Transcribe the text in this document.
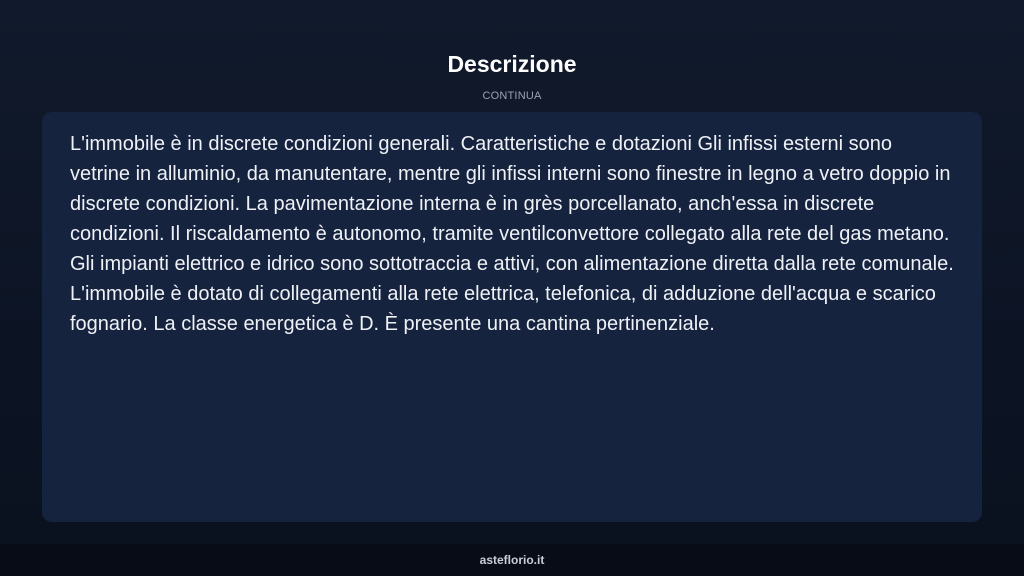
Descrizione
CONTINUA

L'immobile è in discrete condizioni generali. Caratteristiche e dotazioni Gli infissi esterni sono vetrine in alluminio, da manutentare, mentre gli infissi interni sono finestre in legno a vetro doppio in discrete condizioni. La pavimentazione interna è in grès porcellanato, anch'essa in discrete condizioni. Il riscaldamento è autonomo, tramite ventilconvettore collegato alla rete del gas metano. Gli impianti elettrico e idrico sono sottotraccia e attivi, con alimentazione diretta dalla rete comunale. L'immobile è dotato di collegamenti alla rete elettrica, telefonica, di adduzione dell'acqua e scarico fognario. La classe energetica è D. È presente una cantina pertinenziale.

asteflorio.it
